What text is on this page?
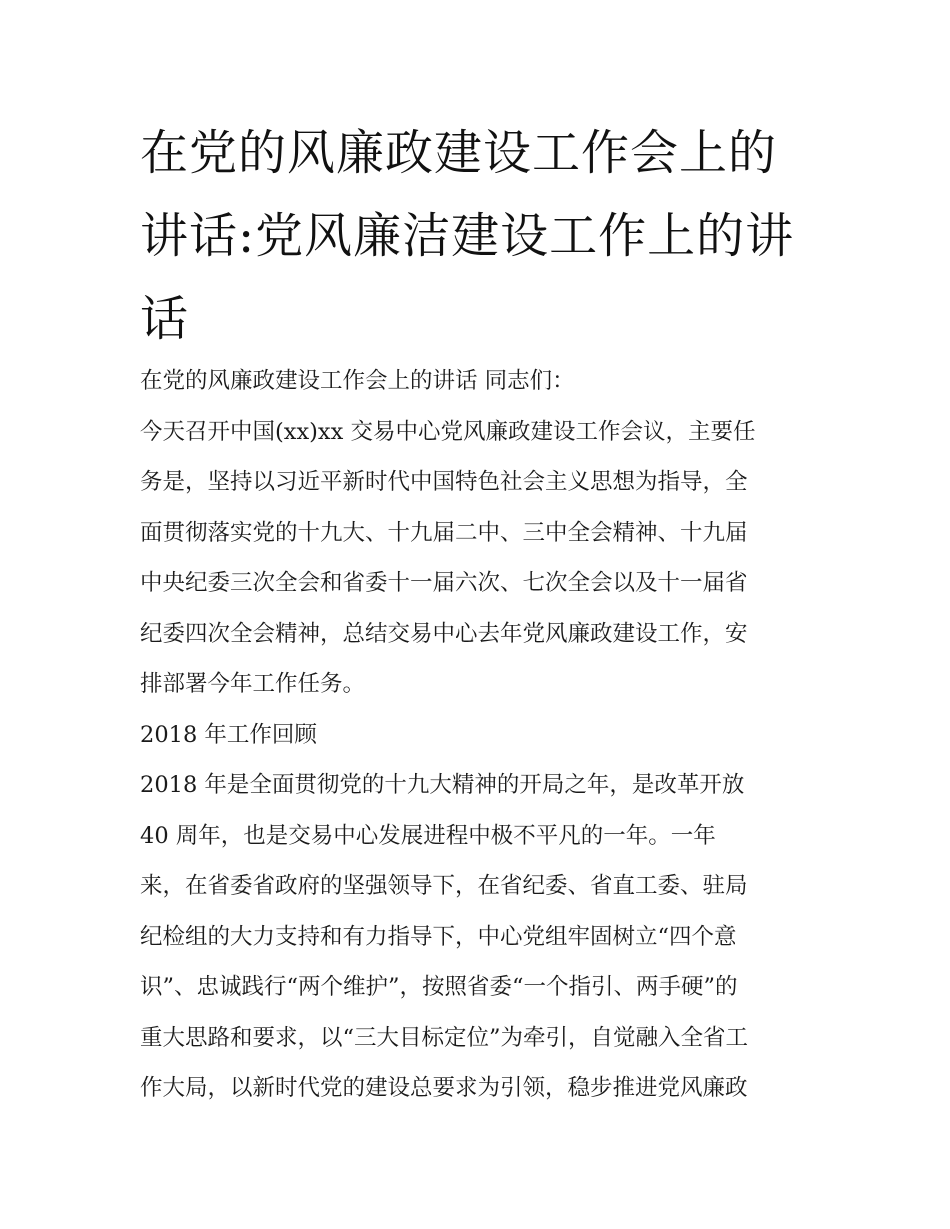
在党的风廉政建设工作会上的
讲话:党风廉洁建设工作上的讲
话
在党的风廉政建设工作会上的讲话 同志们：
今天召开中国(xx)xx 交易中心党风廉政建设工作会议，主要任
务是，坚持以习近平新时代中国特色社会主义思想为指导，全
面贯彻落实党的十九大、十九届二中、三中全会精神、十九届
中央纪委三次全会和省委十一届六次、七次全会以及十一届省
纪委四次全会精神，总结交易中心去年党风廉政建设工作，安
排部署今年工作任务。
2018 年工作回顾
2018 年是全面贯彻党的十九大精神的开局之年，是改革开放
40 周年，也是交易中心发展进程中极不平凡的一年。一年
来，在省委省政府的坚强领导下，在省纪委、省直工委、驻局
纪检组的大力支持和有力指导下，中心党组牢固树立“四个意
识”、忠诚践行“两个维护”，按照省委“一个指引、两手硬”的
重大思路和要求，以“三大目标定位”为牵引，自觉融入全省工
作大局，以新时代党的建设总要求为引领，稳步推进党风廉政
